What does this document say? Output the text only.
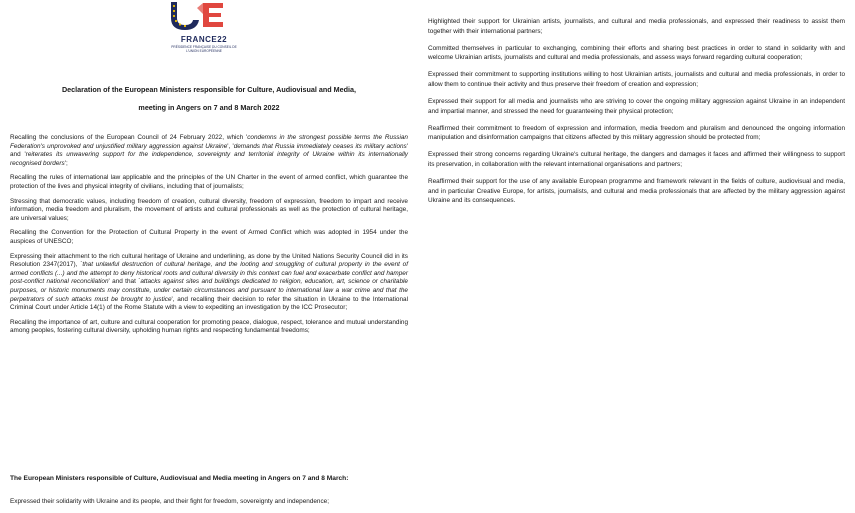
FRANCE22
PRÉSIDENCE FRANÇAISE DU CONSEIL DE L'UNION EUROPÉENNE
Declaration of the European Ministers responsible for Culture, Audiovisual and Media,
meeting in Angers on 7 and 8 March 2022

Recalling the conclusions of the European Council of 24 February 2022, which 'condemns in the strongest possible terms the Russian Federation's unprovoked and unjustified military aggression against Ukraine', 'demands that Russia immediately ceases its military actions' and 'reiterates its unwavering support for the independence, sovereignty and territorial integrity of Ukraine within its internationally recognised borders';

Recalling the rules of international law applicable and the principles of the UN Charter in the event of armed conflict, which guarantee the protection of the lives and physical integrity of civilians, including that of journalists;

Stressing that democratic values, including freedom of creation, cultural diversity, freedom of expression, freedom to impart and receive information, media freedom and pluralism, the movement of artists and cultural professionals as well as the protection of cultural heritage, are universal values;

Recalling the Convention for the Protection of Cultural Property in the event of Armed Conflict which was adopted in 1954 under the auspices of UNESCO;

Expressing their attachment to the rich cultural heritage of Ukraine and underlining, as done by the United Nations Security Council did in its Resolution 2347(2017), `that unlawful destruction of cultural heritage, and the looting and smuggling of cultural property in the event of armed conflicts (...) and the attempt to deny historical roots and cultural diversity in this context can fuel and exacerbate conflict and hamper post-conflict national reconciliation' and that `attacks against sites and buildings dedicated to religion, education, art, science or charitable purposes, or historic monuments may constitute, under certain circumstances and pursuant to international law a war crime and that the perpetrators of such attacks must be brought to justice', and recalling their decision to refer the situation in Ukraine to the International Criminal Court under Article 14(1) of the Rome Statute with a view to expediting an investigation by the ICC Prosecutor;

Recalling the importance of art, culture and cultural cooperation for promoting peace, dialogue, respect, tolerance and mutual understanding among peoples, fostering cultural diversity, upholding human rights and respecting fundamental freedoms;

The European Ministers responsible of Culture, Audiovisual and Media meeting in Angers on 7 and 8 March:

Expressed their solidarity with Ukraine and its people, and their fight for freedom, sovereignty and independence;

Highlighted their support for Ukrainian artists, journalists, and cultural and media professionals, and expressed their readiness to assist them together with their international partners;

Committed themselves in particular to exchanging, combining their efforts and sharing best practices in order to stand in solidarity with and welcome Ukrainian artists, journalists and cultural and media professionals, and assess ways forward regarding cultural cooperation;

Expressed their commitment to supporting institutions willing to host Ukrainian artists, journalists and cultural and media professionals, in order to allow them to continue their activity and thus preserve their freedom of creation and expression;

Expressed their support for all media and journalists who are striving to cover the ongoing military aggression against Ukraine in an independent and impartial manner, and stressed the need for guaranteeing their physical protection;

Reaffirmed their commitment to freedom of expression and information, media freedom and pluralism and denounced the ongoing information manipulation and disinformation campaigns that citizens affected by this military aggression should be protected from;

Expressed their strong concerns regarding Ukraine's cultural heritage, the dangers and damages it faces and affirmed their willingness to support its preservation, in collaboration with the relevant international organisations and partners;

Reaffirmed their support for the use of any available European programme and framework relevant in the fields of culture, audiovisual and media, and in particular Creative Europe, for artists, journalists, and cultural and media professionals that are affected by the military aggression against Ukraine and its consequences.
